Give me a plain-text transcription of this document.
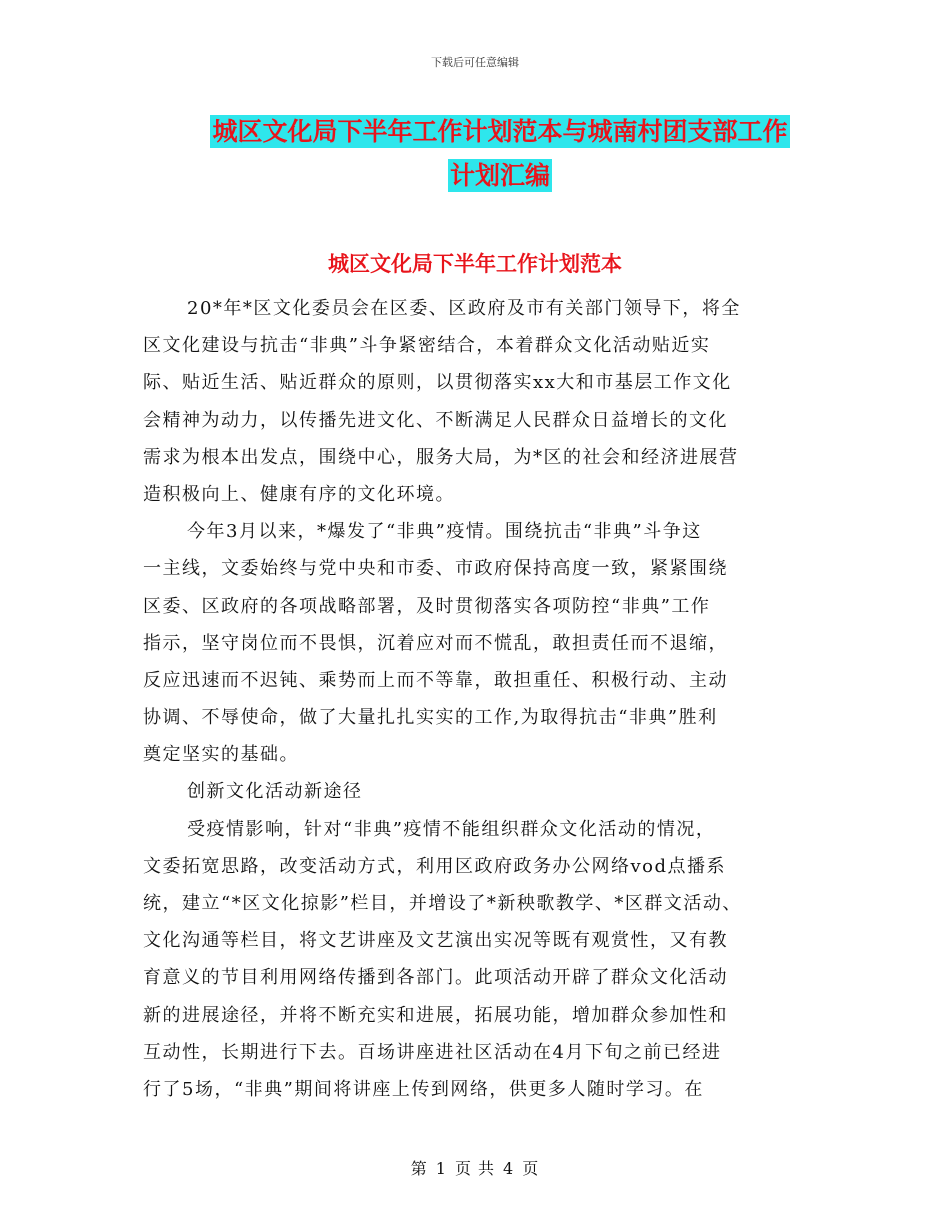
下载后可任意编辑
城区文化局下半年工作计划范本与城南村团支部工作
计划汇编
城区文化局下半年工作计划范本
20*年*区文化委员会在区委、区政府及市有关部门领导下，将全
区文化建设与抗击“非典”斗争紧密结合，本着群众文化活动贴近实
际、贴近生活、贴近群众的原则，以贯彻落实xx大和市基层工作文化
会精神为动力，以传播先进文化、不断满足人民群众日益增长的文化
需求为根本出发点，围绕中心，服务大局，为*区的社会和经济进展营
造积极向上、健康有序的文化环境。
今年3月以来，*爆发了“非典”疫情。围绕抗击“非典”斗争这
一主线，文委始终与党中央和市委、市政府保持高度一致，紧紧围绕
区委、区政府的各项战略部署，及时贯彻落实各项防控“非典”工作
指示，坚守岗位而不畏惧，沉着应对而不慌乱，敢担责任而不退缩，
反应迅速而不迟钝、乘势而上而不等靠，敢担重任、积极行动、主动
协调、不辱使命，做了大量扎扎实实的工作,为取得抗击“非典”胜利
奠定坚实的基础。
创新文化活动新途径
受疫情影响，针对“非典”疫情不能组织群众文化活动的情况，
文委拓宽思路，改变活动方式，利用区政府政务办公网络vod点播系
统，建立“*区文化掠影”栏目，并增设了*新秧歌教学、*区群文活动、
文化沟通等栏目，将文艺讲座及文艺演出实况等既有观赏性，又有教
育意义的节目利用网络传播到各部门。此项活动开辟了群众文化活动
新的进展途径，并将不断充实和进展，拓展功能，增加群众参加性和
互动性，长期进行下去。百场讲座进社区活动在4月下旬之前已经进
行了5场，“非典”期间将讲座上传到网络，供更多人随时学习。在
第 1 页 共 4 页
